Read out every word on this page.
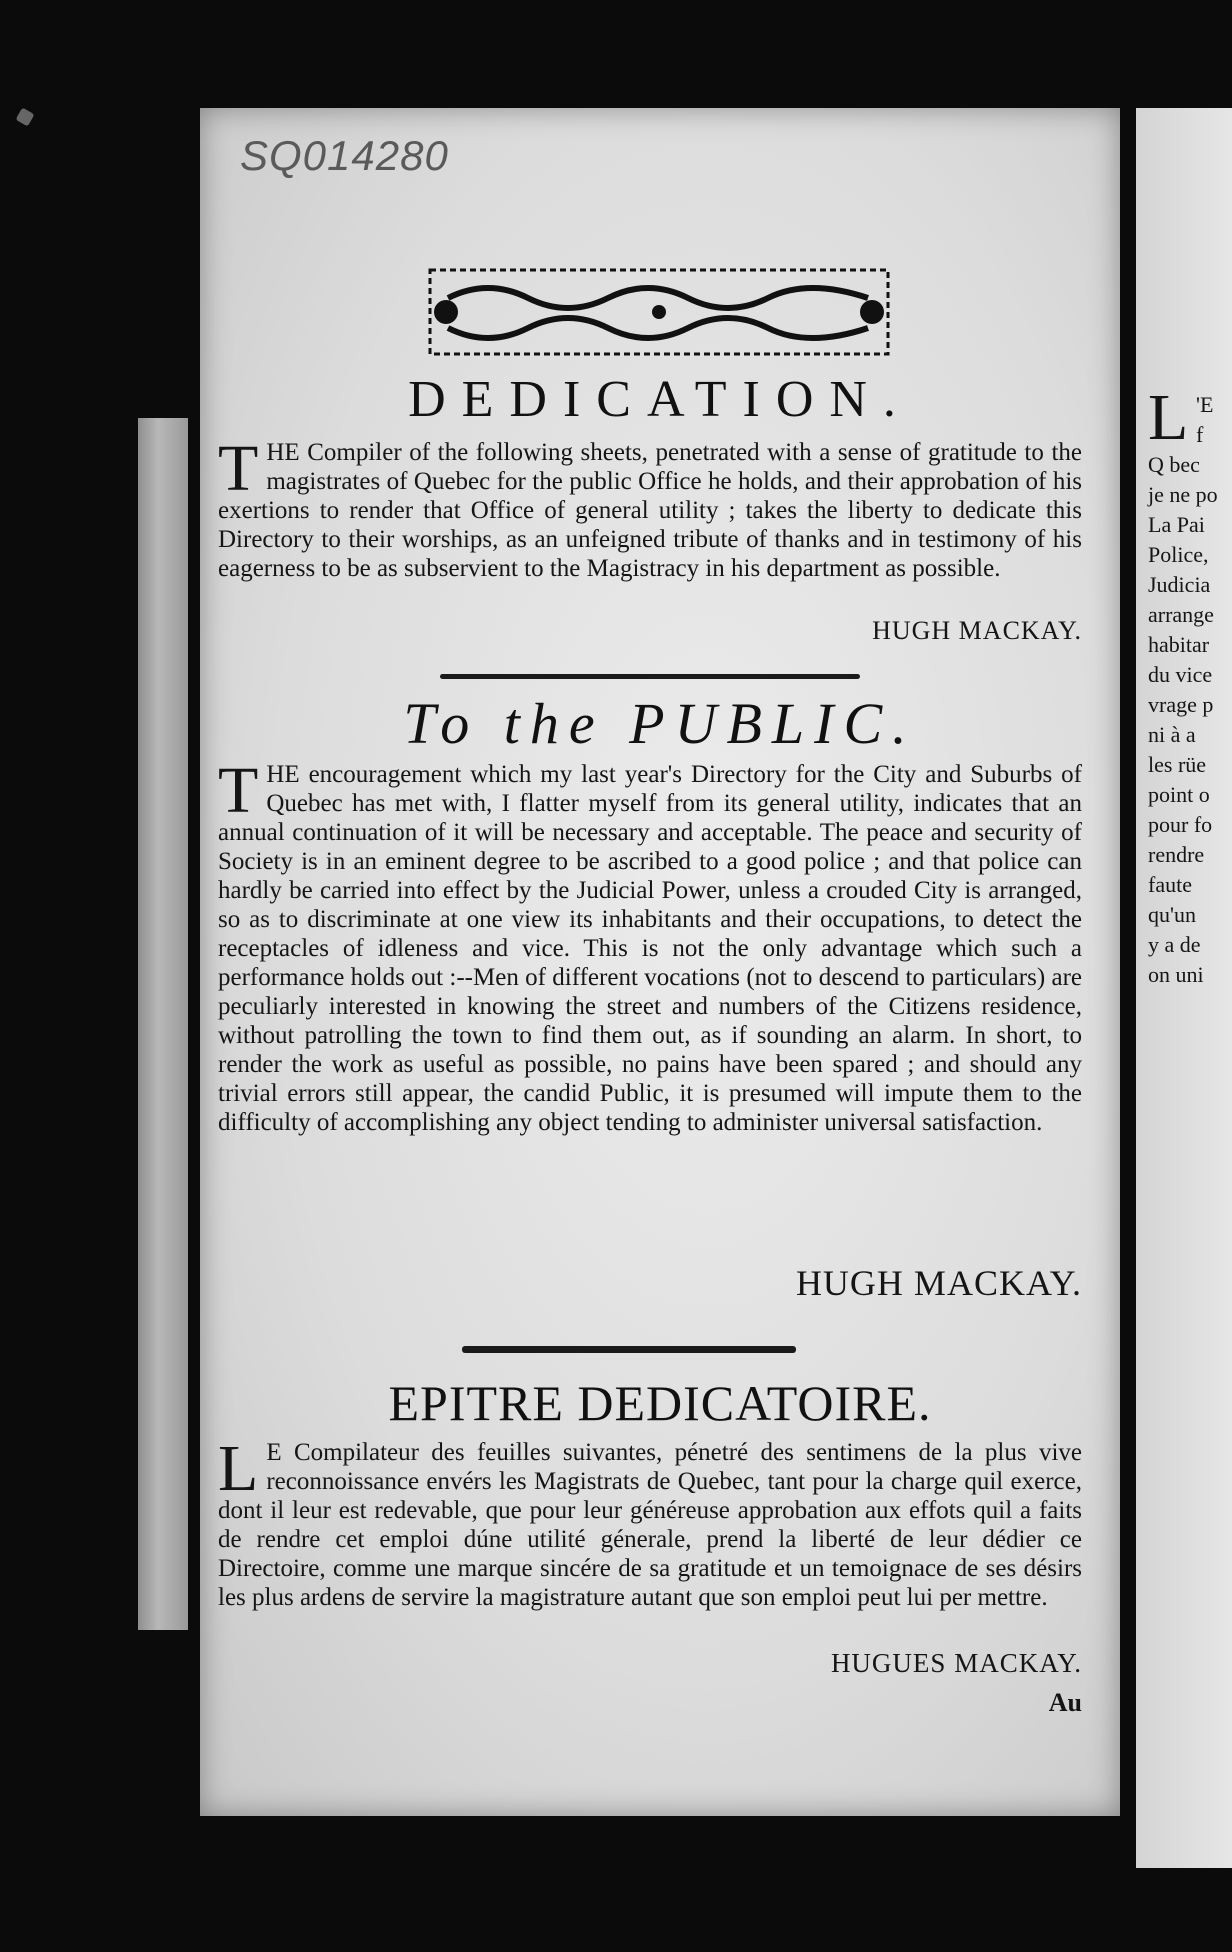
SQ014280
DEDICATION.

THE Compiler of the following sheets, penetrated with a sense of gratitude to the magistrates of Quebec for the public Office he holds, and their approbation of his exertions to render that Office of general utility ; takes the liberty to dedicate this Directory to their worships, as an unfeigned tribute of thanks and in testimony of his eagerness to be as subservient to the Magistracy in his department as possible.

HUGH MACKAY.

To the PUBLIC.

THE encouragement which my last year's Directory for the City and Suburbs of Quebec has met with, I flatter myself from its general utility, indicates that an annual continuation of it will be necessary and acceptable. The peace and security of Society is in an eminent degree to be ascribed to a good police ; and that police can hardly be carried into effect by the Judicial Power, unless a crouded City is arranged, so as to discriminate at one view its inhabitants and their occupations, to detect the receptacles of idleness and vice. This is not the only advantage which such a performance holds out :--Men of different vocations (not to descend to particulars) are peculiarly interested in knowing the street and numbers of the Citizens residence, without patrolling the town to find them out, as if sounding an alarm. In short, to render the work as useful as possible, no pains have been spared ; and should any trivial errors still appear, the candid Public, it is presumed will impute them to the difficulty of accomplishing any object tending to administer universal satisfaction.

HUGH MACKAY.

EPITRE DEDICATOIRE.

L E Compilateur des feuilles suivantes, pénetré des sentimens de la plus vive reconnoissance envérs les Magistrats de Quebec, tant pour la charge quil exerce, dont il leur est redevable, que pour leur généreuse approbation aux effots quil a faits de rendre cet emploi dúne utilité génerale, prend la liberté de leur dédier ce Directoire, comme une marque sincére de sa gratitude et un temoignace de ses désirs les plus ardens de servire la magistrature autant que son emploi peut lui per mettre.

HUGUES MACKAY.

Au

L 'E

f

Q bec

je ne po

La Pai

Police,

Judicia

arrange

habitar

du vice

vrage p

ni à a

les rüe

point o

pour fo

rendre

faute

qu'un

y a de

on uni
